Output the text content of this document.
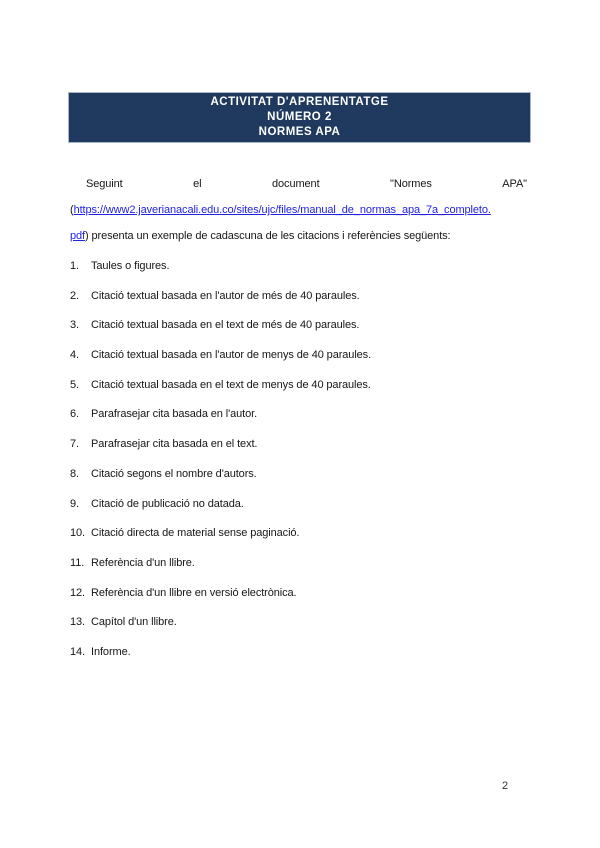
ACTIVITAT D'APRENENTATGE
NÚMERO 2
NORMES APA
Seguint	el	document	"Normes	APA"
(https://www2.javerianacali.edu.co/sites/ujc/files/manual_de_normas_apa_7a_completo.
pdf) presenta un exemple de cadascuna de les citacions i referències següents:
1.	Taules o figures.
2.	Citació textual basada en l'autor de més de 40 paraules.
3.	Citació textual basada en el text de més de 40 paraules.
4.	Citació textual basada en l'autor de menys de 40 paraules.
5.	Citació textual basada en el text de menys de 40 paraules.
6.	Parafrasejar cita basada en l'autor.
7.	Parafrasejar cita basada en el text.
8.	Citació segons el nombre d'autors.
9.	Citació de publicació no datada.
10. Citació directa de material sense paginació.
11. Referència d'un llibre.
12. Referència d'un llibre en versió electrònica.
13. Capítol d'un llibre.
14. Informe.
2
